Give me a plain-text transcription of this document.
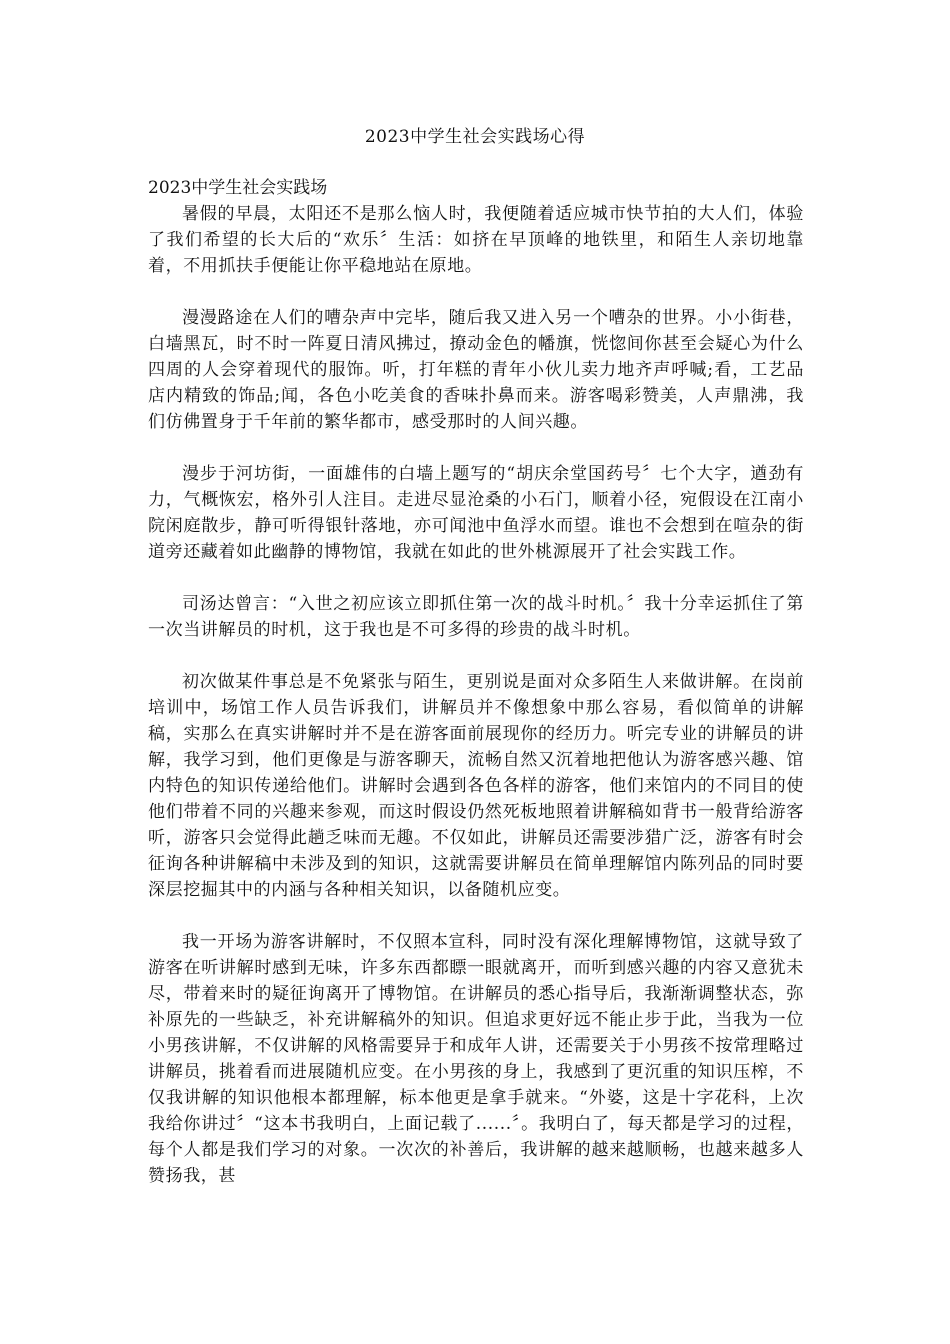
2023中学生社会实践场心得
2023中学生社会实践场

暑假的早晨，太阳还不是那么恼人时，我便随着适应城市快节拍的大人们，体验了我们希望的长大后的“欢乐〞生活：如挤在早顶峰的地铁里，和陌生人亲切地靠着，不用抓扶手便能让你平稳地站在原地。

漫漫路途在人们的嘈杂声中完毕，随后我又进入另一个嘈杂的世界。小小街巷，白墙黑瓦，时不时一阵夏日清风拂过，撩动金色的幡旗，恍惚间你甚至会疑心为什么四周的人会穿着现代的服饰。听，打年糕的青年小伙儿卖力地齐声呼喊;看，工艺品店内精致的饰品;闻，各色小吃美食的香味扑鼻而来。游客喝彩赞美，人声鼎沸，我们仿佛置身于千年前的繁华都市，感受那时的人间兴趣。

漫步于河坊街，一面雄伟的白墙上题写的“胡庆余堂国药号〞七个大字，遒劲有力，气概恢宏，格外引人注目。走进尽显沧桑的小石门，顺着小径，宛假设在江南小院闲庭散步，静可听得银针落地，亦可闻池中鱼浮水而望。谁也不会想到在喧杂的街道旁还藏着如此幽静的博物馆，我就在如此的世外桃源展开了社会实践工作。

司汤达曾言：“入世之初应该立即抓住第一次的战斗时机。〞我十分幸运抓住了第一次当讲解员的时机，这于我也是不可多得的珍贵的战斗时机。

初次做某件事总是不免紧张与陌生，更别说是面对众多陌生人来做讲解。在岗前培训中，场馆工作人员告诉我们，讲解员并不像想象中那么容易，看似简单的讲解稿，实那么在真实讲解时并不是在游客面前展现你的经历力。听完专业的讲解员的讲解，我学习到，他们更像是与游客聊天，流畅自然又沉着地把他认为游客感兴趣、馆内特色的知识传递给他们。讲解时会遇到各色各样的游客，他们来馆内的不同目的使他们带着不同的兴趣来参观，而这时假设仍然死板地照着讲解稿如背书一般背给游客听，游客只会觉得此趟乏味而无趣。不仅如此，讲解员还需要涉猎广泛，游客有时会征询各种讲解稿中未涉及到的知识，这就需要讲解员在简单理解馆内陈列品的同时要深层挖掘其中的内涵与各种相关知识，以备随机应变。

我一开场为游客讲解时，不仅照本宣科，同时没有深化理解博物馆，这就导致了游客在听讲解时感到无味，许多东西都瞟一眼就离开，而听到感兴趣的内容又意犹未尽，带着来时的疑征询离开了博物馆。在讲解员的悉心指导后，我渐渐调整状态，弥补原先的一些缺乏，补充讲解稿外的知识。但追求更好远不能止步于此，当我为一位小男孩讲解，不仅讲解的风格需要异于和成年人讲，还需要关于小男孩不按常理略过讲解员，挑着看而进展随机应变。在小男孩的身上，我感到了更沉重的知识压榨，不仅我讲解的知识他根本都理解，标本他更是拿手就来。“外婆，这是十字花科，上次我给你讲过〞“这本书我明白，上面记载了......〞。我明白了，每天都是学习的过程，每个人都是我们学习的对象。一次次的补善后，我讲解的越来越顺畅，也越来越多人赞扬我，甚
